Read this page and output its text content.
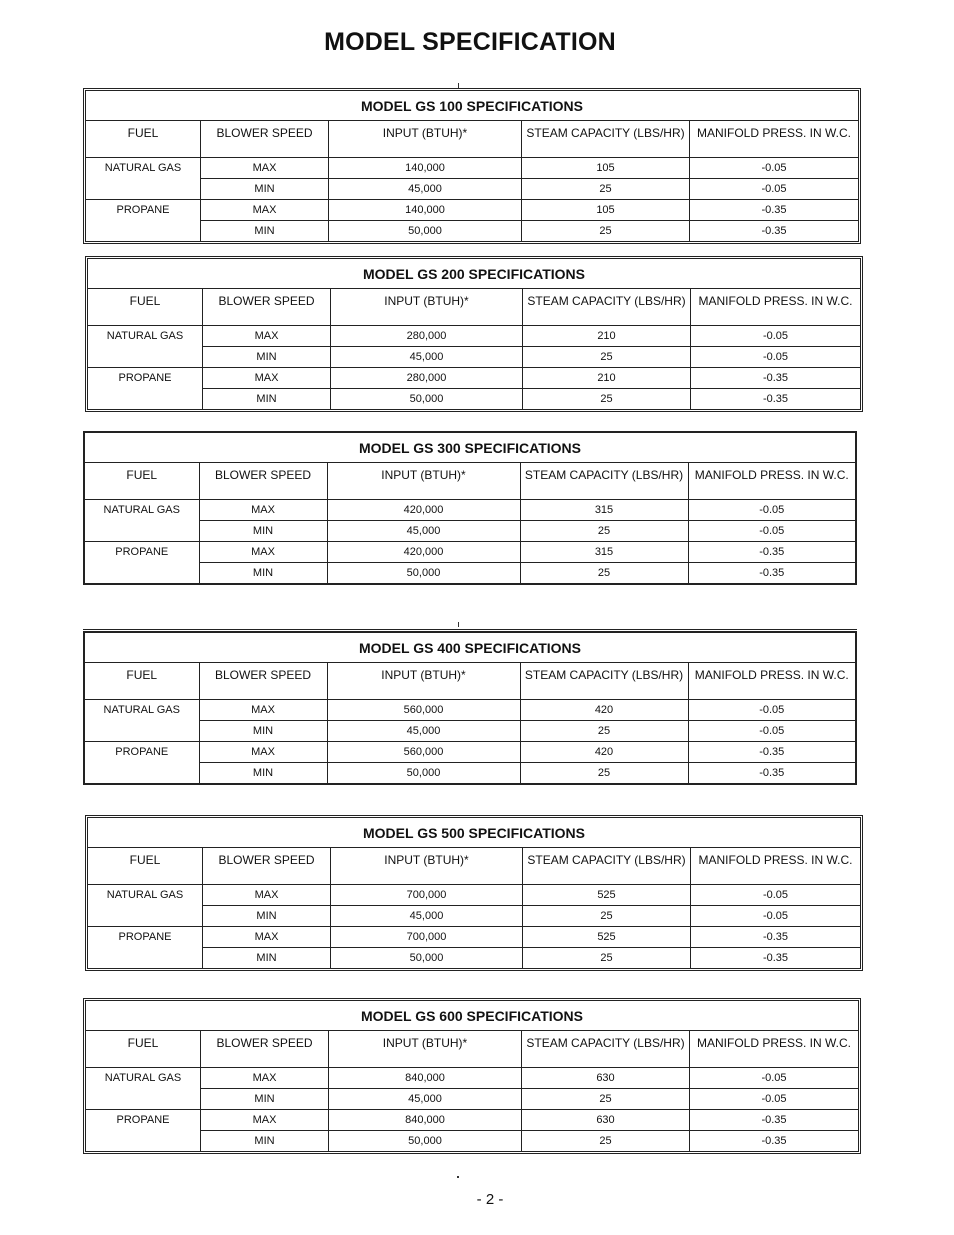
MODEL SPECIFICATION
MODEL GS 100 SPECIFICATIONS				
FUEL	BLOWER SPEED	INPUT (BTUH)*	STEAM CAPACITY (LBS/HR)	MANIFOLD PRESS. IN W.C.
NATURAL GAS	MAX	140,000	105	-0.05
	MIN	45,000	25	-0.05
PROPANE	MAX	140,000	105	-0.35
	MIN	50,000	25	-0.35
MODEL GS 200 SPECIFICATIONS				
FUEL	BLOWER SPEED	INPUT (BTUH)*	STEAM CAPACITY (LBS/HR)	MANIFOLD PRESS. IN W.C.
NATURAL GAS	MAX	280,000	210	-0.05
	MIN	45,000	25	-0.05
PROPANE	MAX	280,000	210	-0.35
	MIN	50,000	25	-0.35
MODEL GS 300 SPECIFICATIONS				
FUEL	BLOWER SPEED	INPUT (BTUH)*	STEAM CAPACITY (LBS/HR)	MANIFOLD PRESS. IN W.C.
NATURAL GAS	MAX	420,000	315	-0.05
	MIN	45,000	25	-0.05
PROPANE	MAX	420,000	315	-0.35
	MIN	50,000	25	-0.35
MODEL GS 400 SPECIFICATIONS				
FUEL	BLOWER SPEED	INPUT (BTUH)*	STEAM CAPACITY (LBS/HR)	MANIFOLD PRESS. IN W.C.
NATURAL GAS	MAX	560,000	420	-0.05
	MIN	45,000	25	-0.05
PROPANE	MAX	560,000	420	-0.35
	MIN	50,000	25	-0.35
MODEL GS 500 SPECIFICATIONS				
FUEL	BLOWER SPEED	INPUT (BTUH)*	STEAM CAPACITY (LBS/HR)	MANIFOLD PRESS. IN W.C.
NATURAL GAS	MAX	700,000	525	-0.05
	MIN	45,000	25	-0.05
PROPANE	MAX	700,000	525	-0.35
	MIN	50,000	25	-0.35
MODEL GS 600 SPECIFICATIONS				
FUEL	BLOWER SPEED	INPUT (BTUH)*	STEAM CAPACITY (LBS/HR)	MANIFOLD PRESS. IN W.C.
NATURAL GAS	MAX	840,000	630	-0.05
	MIN	45,000	25	-0.05
PROPANE	MAX	840,000	630	-0.35
	MIN	50,000	25	-0.35
- 2 -
